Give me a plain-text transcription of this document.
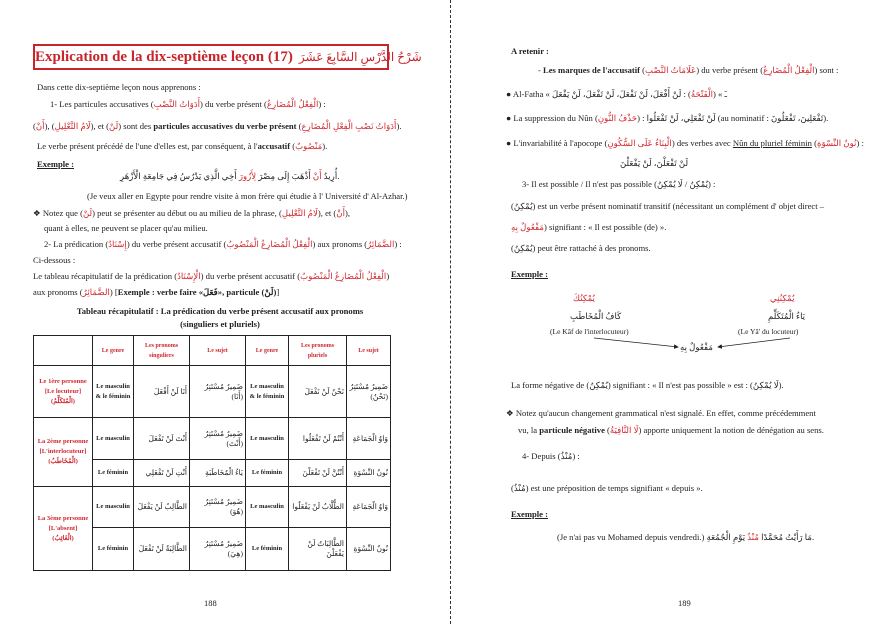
Explication de la dix-septième leçon (17) شَرْحُ الدَّرْسِ السَّابِعَ عَشَرَ
Dans cette dix-septième leçon nous apprenons :
1- Les particules accusatives (أَدَوَاتُ النَّصْبِ) du verbe présent (الْفِعْلُ الْمُضَارِعُ) :
(أَنْ), (لَامُ التَّعْلِيلِ), et (لَنْ) sont des particules accusatives du verbe présent (أَدَوَاتُ نَصْبِ الْفِعْلِ الْمُضَارِعِ).
Le verbe présent précédé de l'une d'elles est, par conséquent, à l'accusatif (مَنْصُوبٌ).
Exemple :
أُرِيدُ أَنْ أَذْهَبَ إِلَى مِصْرَ لِأَزُورَ أَخِي الَّذِي يَدْرُسُ فِي جَامِعَةِ الْأَزْهَرِ.
(Je veux aller en Egypte pour rendre visite à mon frère qui étudie à l' Université d' Al-Azhar.)
❖ Notez que (لَنْ) peut se présenter au début ou au milieu de la phrase, (لَامُ التَّعْلِيلِ), et (أَنْ),
quant à elles, ne peuvent se placer qu'au milieu.
2- La prédication (إِسْنَادُ) du verbe présent accusatif (الْفِعْلُ الْمُضَارِعُ الْمَنْصُوبُ) aux pronoms (الضَّمَائِرُ) :
Ci-dessous :
Le tableau récapitulatif de la prédication (الْإِسْنَادُ) du verbe présent accusatif (الْفِعْلُ الْمُضَارِعُ الْمَنْصُوبُ)
aux pronoms (الضَّمَائِرُ) [Exemple : verbe faire «فَعَلَ», particule (لَنْ)]
Tableau récapitulatif : La prédication du verbe présent accusatif aux pronoms
(singuliers et pluriels)
	Le genre	Les pronoms singuliers	Le sujet	Le genre	Les pronoms pluriels	Le sujet

Le 1ère personne
[Le locuteur]
(الْمُتَكَلِّمُ)	Le masculin & le féminin	أَنَا لَنْ أَفْعَلَ	ضَمِيرٌ مُسْتَتِرٌ (أَنَا)	Le masculin & le féminin	نَحْنُ لَنْ نَفْعَلَ	ضَمِيرٌ مُسْتَتِرٌ (نَحْنُ)

La 2ème personne
[L'interlocuteur]
(الْمُخَاطَبُ)	Le masculin	أَنْتَ لَنْ تَفْعَلَ	ضَمِيرٌ مُسْتَتِرٌ (أَنْتَ)	Le masculin	أَنْتُمْ لَنْ تَفْعَلُوا	وَاوُ الْجَمَاعَةِ
	Le féminin	أَنْتِ لَنْ تَفْعَلِي	يَاءُ الْمُخَاطَبَةِ	Le féminin	أَنْتُنَّ لَنْ تَفْعَلْنَ	نُونُ النِّسْوَةِ

La 3ème personne
[L'absent]
(الْغَائِبُ)	Le masculin	الطَّالِبُ لَنْ يَفْعَلَ	ضَمِيرٌ مُسْتَتِرٌ (هُوَ)	Le masculin	الطُّلَّابُ لَنْ يَفْعَلُوا	وَاوُ الْجَمَاعَةِ
	Le féminin	الطَّالِبَةُ لَنْ تَفْعَلَ	ضَمِيرٌ مُسْتَتِرٌ (هِيَ)	Le féminin	الطَّالِبَاتُ لَنْ يَفْعَلْنَ	نُونُ النِّسْوَةِ
188
A retenir :
- Les marques de l'accusatif (عَلَامَاتُ النَّصْبِ) du verbe présent (الْفِعْلُ الْمُضَارِعُ) sont :
● Al-Fatha « ـَ » (الْفَتْحَةُ) : لَنْ أَفْعَلَ، لَنْ نَفْعَلَ، لَنْ تَفْعَلَ، لَنْ يَفْعَلَ
● La suppression du Nûn (حَذْفُ النُّونِ) : لَنْ تَفْعَلِي، لَنْ تَفْعَلُوا (au nominatif : تَفْعَلِينَ، تَفْعَلُونَ).
● L'invariabilité à l'apocope (الْبِنَاءُ عَلَى السُّكُونِ) des verbes avec Nûn du pluriel féminin (نُونُ النِّسْوَةِ) :
لَنْ تَفْعَلْنَ، لَنْ يَفْعَلْنَ
3- Il est possible / Il n'est pas possible (يُمْكِنُ / لَا يُمْكِنُ) :
(يُمْكِنُ) est un verbe présent nominatif transitif (nécessitant un complément d' objet direct –
مَفْعُولٌ بِهِ) signifiant : « Il est possible (de) ».
(يُمْكِنُ) peut être rattaché à des pronoms.
Exemple :
La forme négative de (يُمْكِنُ) signifiant : « Il n'est pas possible » est : (لَا يُمْكِنُ).
❖ Notez qu'aucun changement grammatical n'est signalé. En effet, comme précédemment
vu, la particule négative (لَا النَّافِيَةُ) apporte uniquement la notion de dénégation au sens.
4- Depuis (مُنْذُ) :
(مُنْذُ) est une préposition de temps signifiant « depuis ».
Exemple :
(Je n'ai pas vu Mohamed depuis vendredi.)	مَا رَأَيْتُ مُحَمَّدًا مُنْذُ يَوْمِ الْجُمُعَةِ.
يُمْكِنُكَ
كَافُ الْمُخَاطَبِ
(Le Kâf de l'interlocuteur)
يُمْكِنُنِي
يَاءُ الْمُتَكَلِّمِ
(Le Yâ' du locuteur)
مَفْعُولٌ بِهِ
189
